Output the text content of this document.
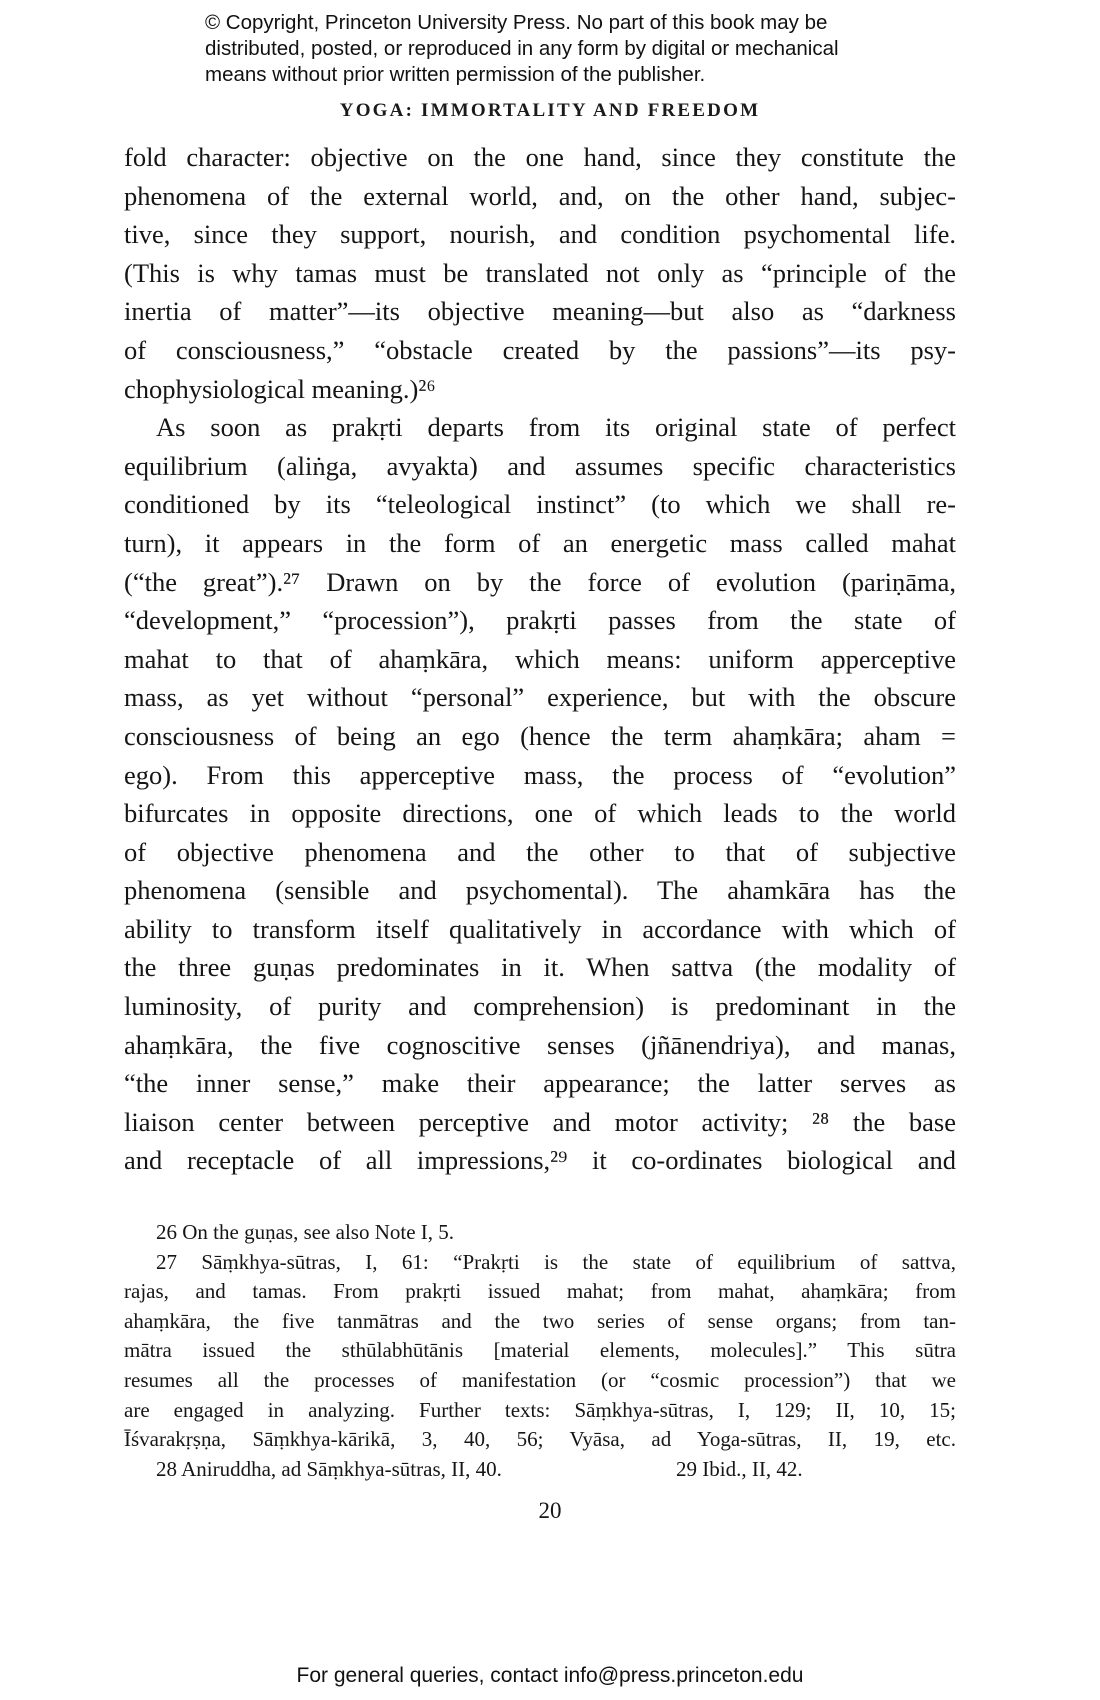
© Copyright, Princeton University Press. No part of this book may be
distributed, posted, or reproduced in any form by digital or mechanical
means without prior written permission of the publisher.
YOGA: IMMORTALITY AND FREEDOM
fold character: objective on the one hand, since they constitute the
phenomena of the external world, and, on the other hand, subjec-
tive, since they support, nourish, and condition psychomental life.
(This is why tamas must be translated not only as “principle of the
inertia of matter”—its objective meaning—but also as “darkness
of consciousness,” “obstacle created by the passions”—its psy-
chophysiological meaning.)²⁶
As soon as prakṛti departs from its original state of perfect
equilibrium (aliṅga, avyakta) and assumes specific characteristics
conditioned by its “teleological instinct” (to which we shall re-
turn), it appears in the form of an energetic mass called mahat
(“the great”).²⁷ Drawn on by the force of evolution (pariṇāma,
“development,” “procession”), prakṛti passes from the state of
mahat to that of ahaṃkāra, which means: uniform apperceptive
mass, as yet without “personal” experience, but with the obscure
consciousness of being an ego (hence the term ahaṃkāra; aham =
ego). From this apperceptive mass, the process of “evolution”
bifurcates in opposite directions, one of which leads to the world
of objective phenomena and the other to that of subjective
phenomena (sensible and psychomental). The ahamkāra has the
ability to transform itself qualitatively in accordance with which of
the three guṇas predominates in it. When sattva (the modality of
luminosity, of purity and comprehension) is predominant in the
ahaṃkāra, the five cognoscitive senses (jñānendriya), and manas,
“the inner sense,” make their appearance; the latter serves as
liaison center between perceptive and motor activity; ²⁸ the base
and receptacle of all impressions,²⁹ it co-ordinates biological and
26 On the guṇas, see also Note I, 5.
27 Sāṃkhya-sūtras, I, 61: “Prakṛti is the state of equilibrium of sattva,
rajas, and tamas. From prakṛti issued mahat; from mahat, ahaṃkāra; from
ahaṃkāra, the five tanmātras and the two series of sense organs; from tan-
mātra issued the sthūlabhūtānis [material elements, molecules].” This sūtra
resumes all the processes of manifestation (or “cosmic procession”) that we
are engaged in analyzing. Further texts: Sāṃkhya-sūtras, I, 129; II, 10, 15;
Īśvarakṛṣṇa, Sāṃkhya-kārikā, 3, 40, 56; Vyāsa, ad Yoga-sūtras, II, 19, etc.
28 Aniruddha, ad Sāṃkhya-sūtras, II, 40.	29 Ibid., II, 42.
20
For general queries, contact info@press.princeton.edu
